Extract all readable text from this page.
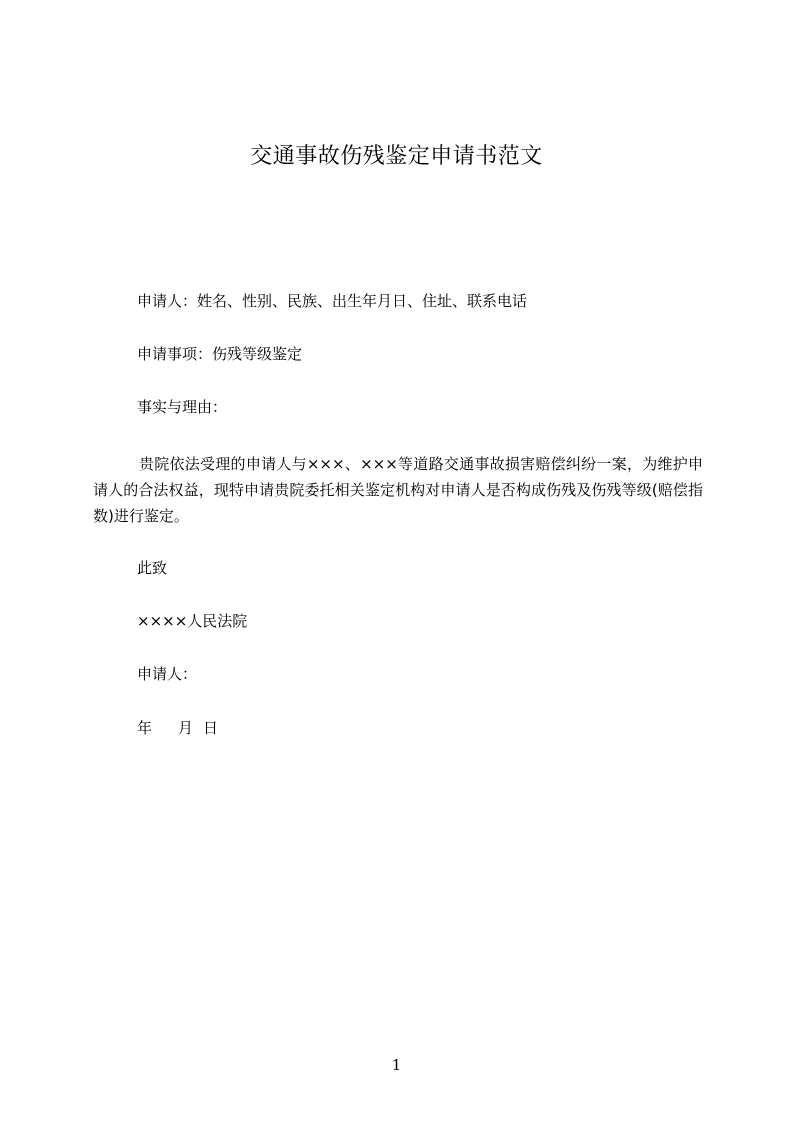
交通事故伤残鉴定申请书范文
申请人：姓名、性别、民族、出生年月日、住址、联系电话
申请事项：伤残等级鉴定
事实与理由：
贵院依法受理的申请人与×××、×××等道路交通事故损害赔偿纠纷一案，为维护申请人的合法权益，现特申请贵院委托相关鉴定机构对申请人是否构成伤残及伤残等级(赔偿指数)进行鉴定。
此致
××××人民法院
申请人：
年 月 日
1
